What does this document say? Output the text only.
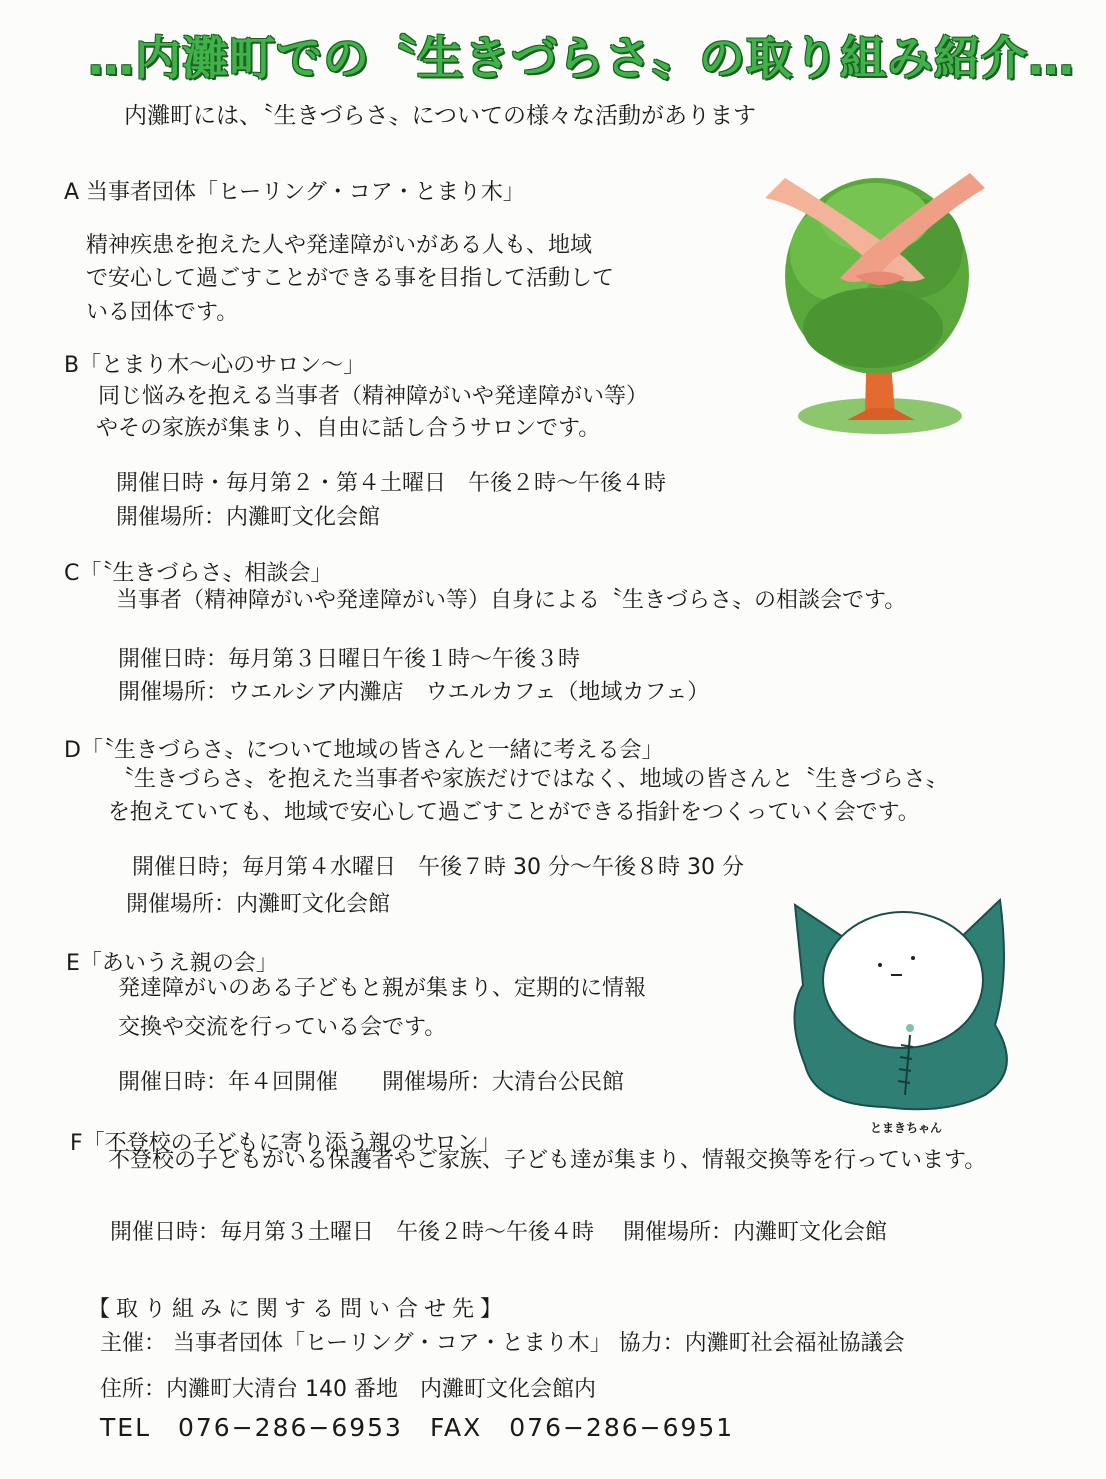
…内灘町での〝生きづらさ〟の取り組み紹介…
内灘町には、〝生きづらさ〟についての様々な活動があります
A 当事者団体「ヒーリング・コア・とまり木」
精神疾患を抱えた人や発達障がいがある人も、地域
で安心して過ごすことができる事を目指して活動して
いる団体です。
B「とまり木～心のサロン～」
同じ悩みを抱える当事者（精神障がいや発達障がい等）
やその家族が集まり、自由に話し合うサロンです。
開催日時・毎月第２・第４土曜日　午後２時～午後４時
開催場所：内灘町文化会館
C「〝生きづらさ〟相談会」
当事者（精神障がいや発達障がい等）自身による〝生きづらさ〟の相談会です。
開催日時：毎月第３日曜日午後１時～午後３時
開催場所：ウエルシア内灘店　ウエルカフェ（地域カフェ）
D「〝生きづらさ〟について地域の皆さんと一緒に考える会」
〝生きづらさ〟を抱えた当事者や家族だけではなく、地域の皆さんと〝生きづらさ〟
を抱えていても、地域で安心して過ごすことができる指針をつくっていく会です。
開催日時；毎月第４水曜日　午後７時 30 分～午後８時 30 分
開催場所：内灘町文化会館
E「あいうえ親の会」
発達障がいのある子どもと親が集まり、定期的に情報
交換や交流を行っている会です。
開催日時：年４回開催　　開催場所：大清台公民館
F「不登校の子どもに寄り添う親のサロン」
不登校の子どもがいる保護者やご家族、子ども達が集まり、情報交換等を行っています。
開催日時：毎月第３土曜日　午後２時～午後４時　 開催場所：内灘町文化会館
【取り組みに関する問い合せ先】
主催： 当事者団体「ヒーリング・コア・とまり木」 協力：内灘町社会福祉協議会
住所：内灘町大清台 140 番地　内灘町文化会館内
TEL　076−286−6953　FAX　076−286−6951
とまきちゃん
